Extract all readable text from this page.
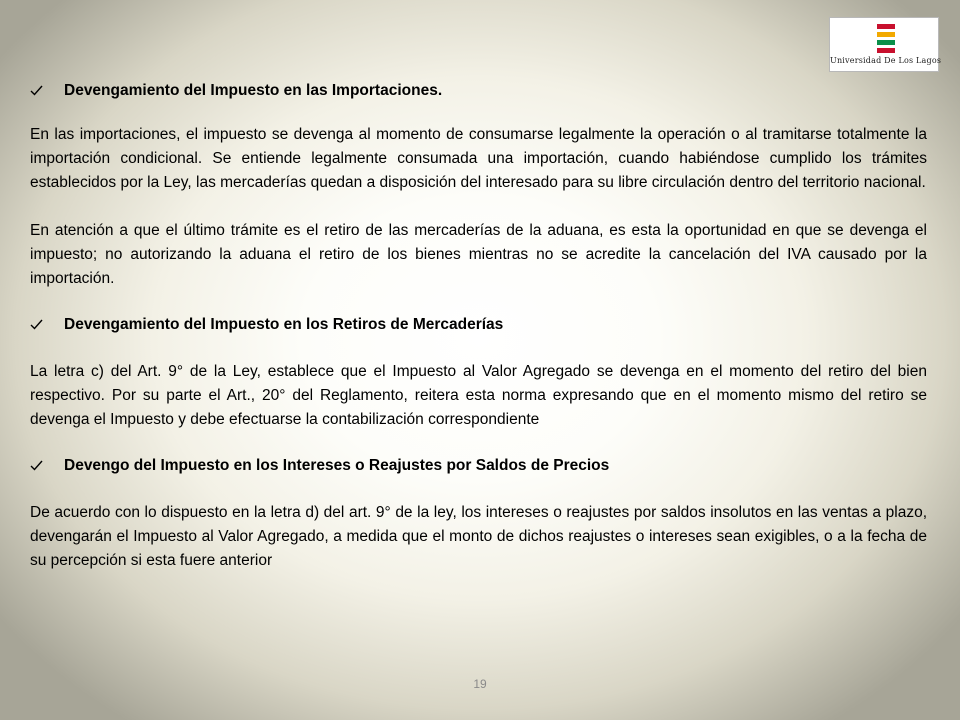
Universidad De Los Lagos
Devengamiento del Impuesto en las Importaciones.

En las importaciones, el impuesto se devenga al momento de consumarse legalmente la operación o al tramitarse totalmente la importación condicional. Se entiende legalmente consumada una importación, cuando habiéndose cumplido los trámites establecidos por la Ley, las mercaderías quedan a disposición del interesado para su libre circulación dentro del territorio nacional.

En atención a que el último trámite es el retiro de las mercaderías de la aduana, es esta la oportunidad en que se devenga el impuesto; no autorizando la aduana el retiro de los bienes mientras no se acredite la cancelación del IVA causado por la importación.

Devengamiento del Impuesto en los Retiros de Mercaderías

La letra c) del Art. 9° de la Ley, establece que el Impuesto al Valor Agregado se devenga en el momento del retiro del bien respectivo. Por su parte el Art., 20° del Reglamento, reitera esta norma expresando que en el momento mismo del retiro se devenga el Impuesto y debe efectuarse la contabilización correspondiente

Devengo del Impuesto en los Intereses o Reajustes por Saldos de Precios

De acuerdo con lo dispuesto en la letra d) del art. 9° de la ley, los intereses o reajustes por saldos insolutos en las ventas a plazo, devengarán el Impuesto al Valor Agregado, a medida que el monto de dichos reajustes o intereses sean exigibles, o a la fecha de su percepción si esta fuere anterior

19
